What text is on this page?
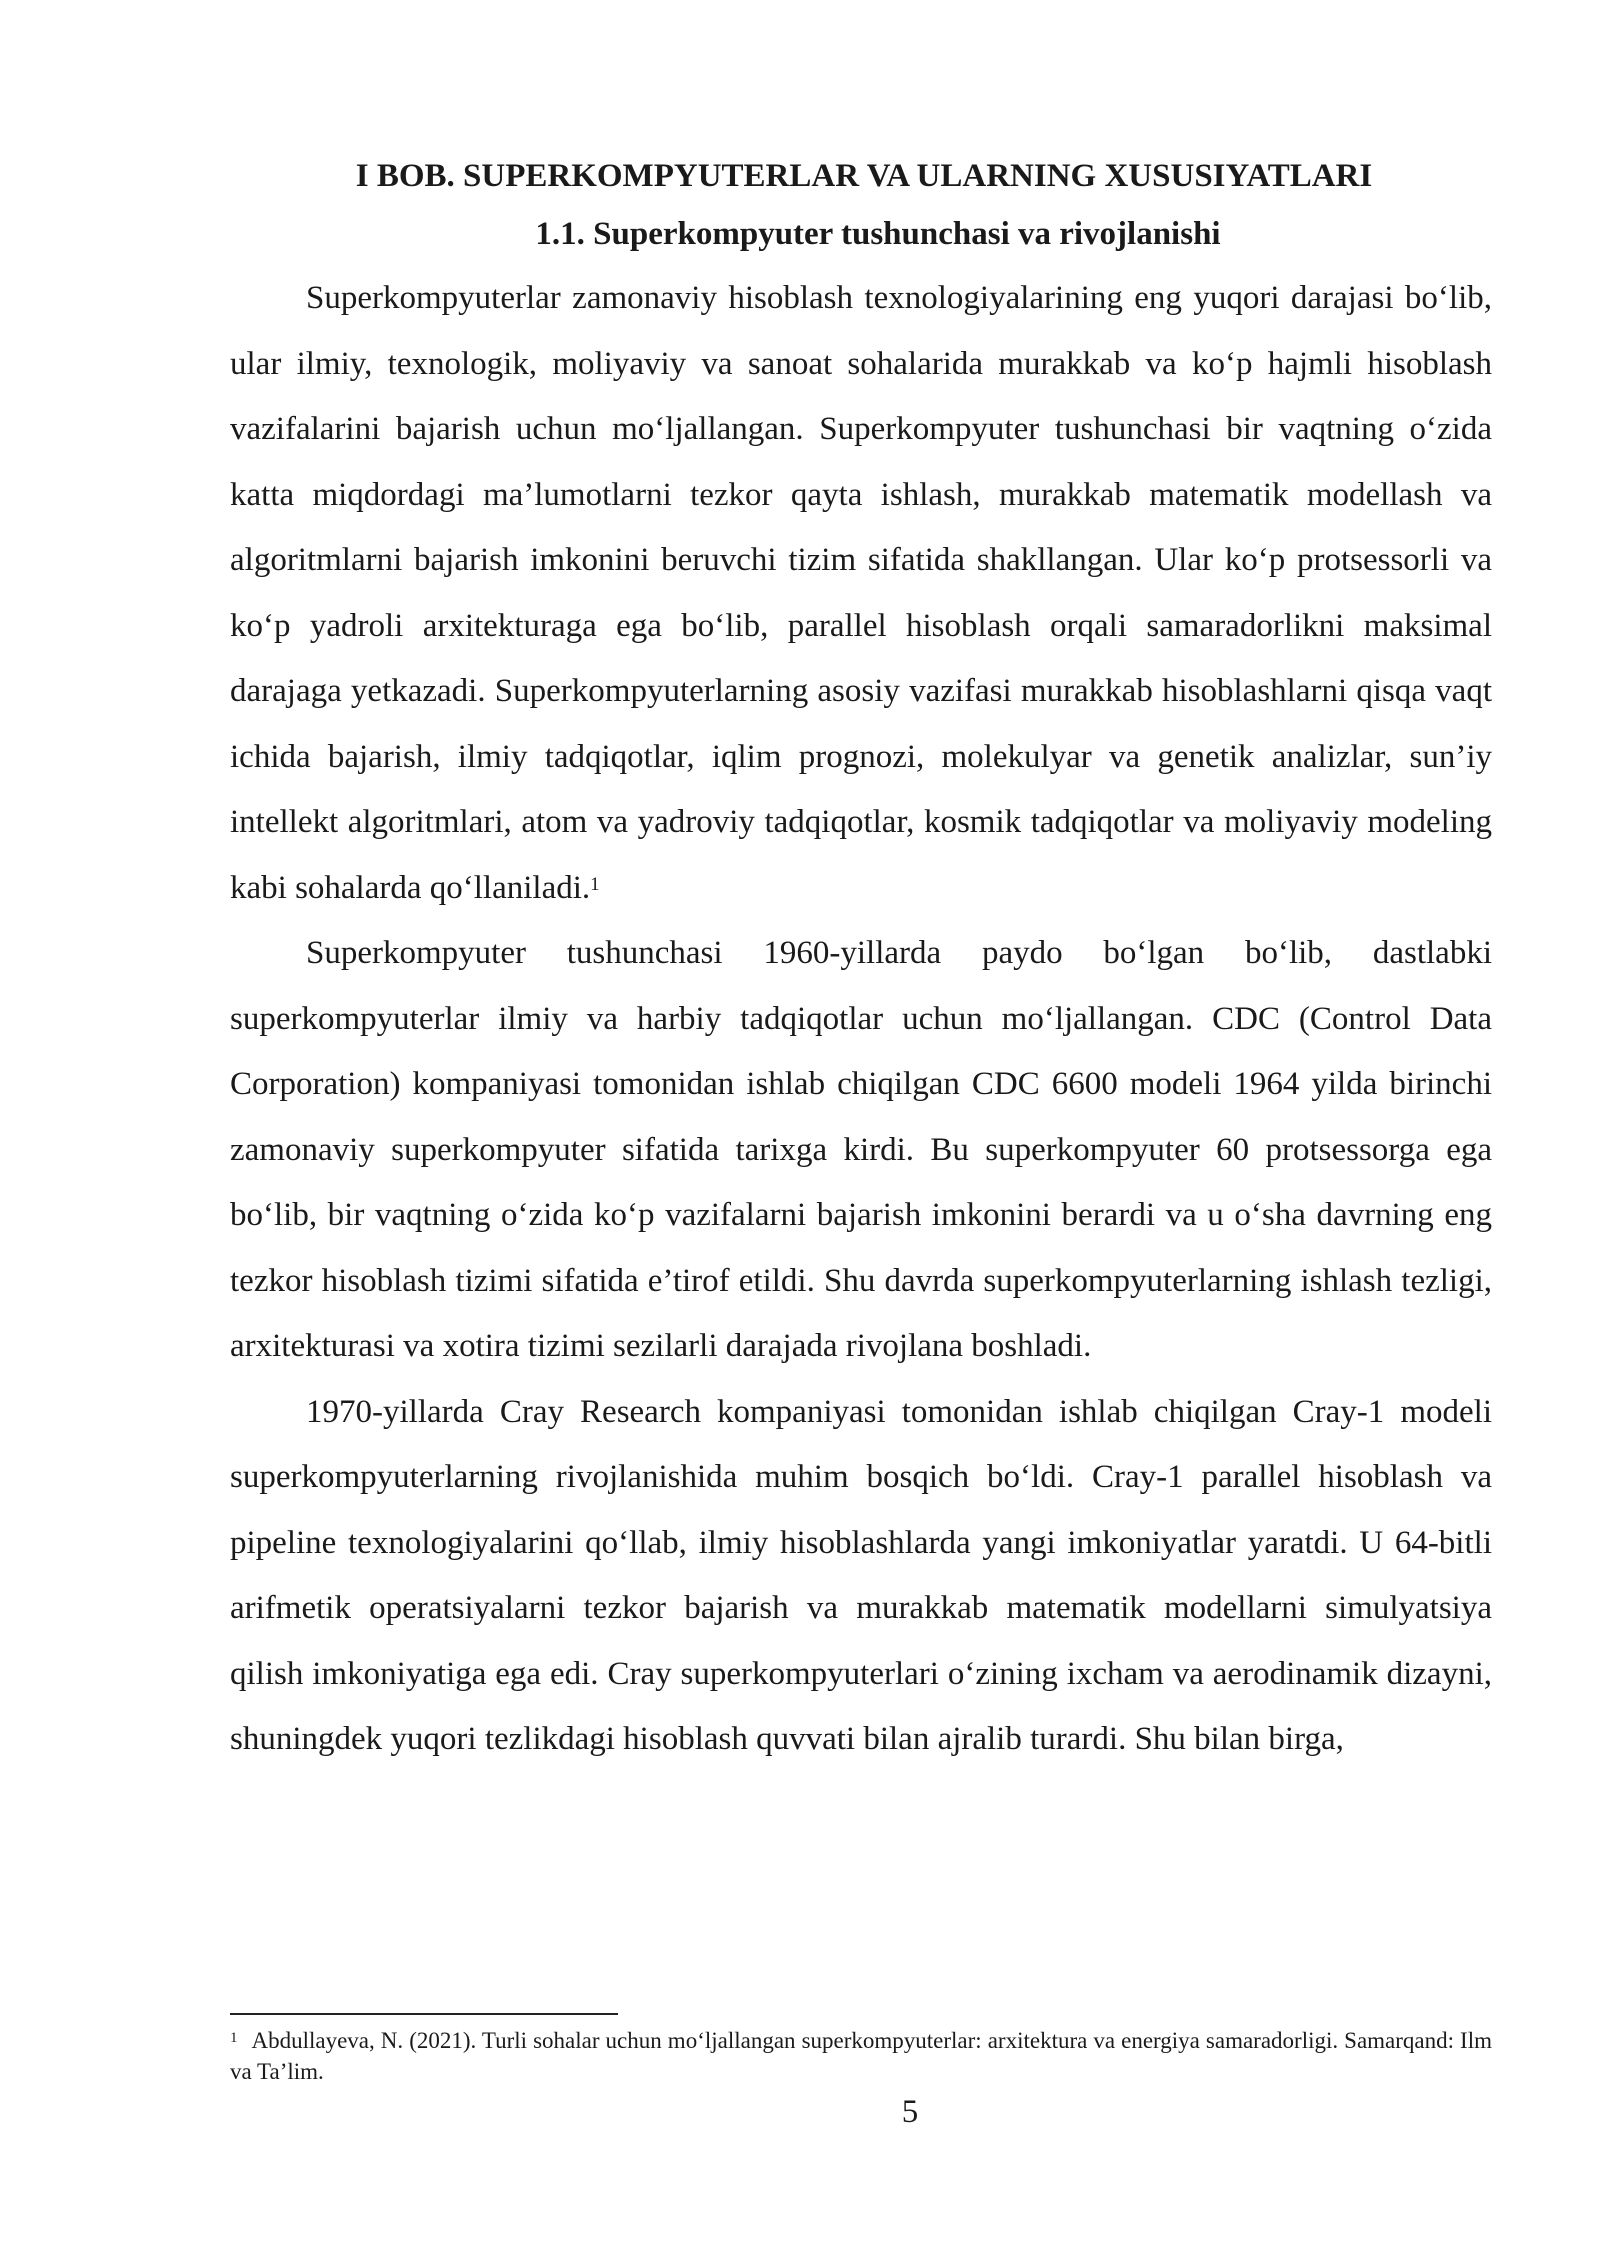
I BOB. SUPERKOMPYUTERLAR VA ULARNING XUSUSIYATLARI
1.1. Superkompyuter tushunchasi va rivojlanishi

Superkompyuterlar zamonaviy hisoblash texnologiyalarining eng yuqori darajasi bo‘lib, ular ilmiy, texnologik, moliyaviy va sanoat sohalarida murakkab va ko‘p hajmli hisoblash vazifalarini bajarish uchun mo‘ljallangan. Superkompyuter tushunchasi bir vaqtning o‘zida katta miqdordagi ma’lumotlarni tezkor qayta ishlash, murakkab matematik modellash va algoritmlarni bajarish imkonini beruvchi tizim sifatida shakllangan. Ular ko‘p protsessorli va ko‘p yadroli arxitekturaga ega bo‘lib, parallel hisoblash orqali samaradorlikni maksimal darajaga yetkazadi. Superkompyuterlarning asosiy vazifasi murakkab hisoblashlarni qisqa vaqt ichida bajarish, ilmiy tadqiqotlar, iqlim prognozi, molekulyar va genetik analizlar, sun’iy intellekt algoritmlari, atom va yadroviy tadqiqotlar, kosmik tadqiqotlar va moliyaviy modeling kabi sohalarda qo‘llaniladi.$^1$

Superkompyuter tushunchasi 1960-yillarda paydo bo‘lgan bo‘lib, dastlabki superkompyuterlar ilmiy va harbiy tadqiqotlar uchun mo‘ljallangan. CDC (Control Data Corporation) kompaniyasi tomonidan ishlab chiqilgan CDC 6600 modeli 1964 yilda birinchi zamonaviy superkompyuter sifatida tarixga kirdi. Bu superkompyuter 60 protsessorga ega bo‘lib, bir vaqtning o‘zida ko‘p vazifalarni bajarish imkonini berardi va u o‘sha davrning eng tezkor hisoblash tizimi sifatida e’tirof etildi. Shu davrda superkompyuterlarning ishlash tezligi, arxitekturasi va xotira tizimi sezilarli darajada rivojlana boshladi.

1970-yillarda Cray Research kompaniyasi tomonidan ishlab chiqilgan Cray-1 modeli superkompyuterlarning rivojlanishida muhim bosqich bo‘ldi. Cray-1 parallel hisoblash va pipeline texnologiyalarini qo‘llab, ilmiy hisoblashlarda yangi imkoniyatlar yaratdi. U 64-bitli arifmetik operatsiyalarni tezkor bajarish va murakkab matematik modellarni simulyatsiya qilish imkoniyatiga ega edi. Cray superkompyuterlari o‘zining ixcham va aerodinamik dizayni, shuningdek yuqori tezlikdagi hisoblash quvvati bilan ajralib turardi. Shu bilan birga,

$^1$ Abdullayeva, N. (2021). Turli sohalar uchun mo‘ljallangan superkompyuterlar: arxitektura va energiya samaradorligi. Samarqand: Ilm va Ta’lim.

5
